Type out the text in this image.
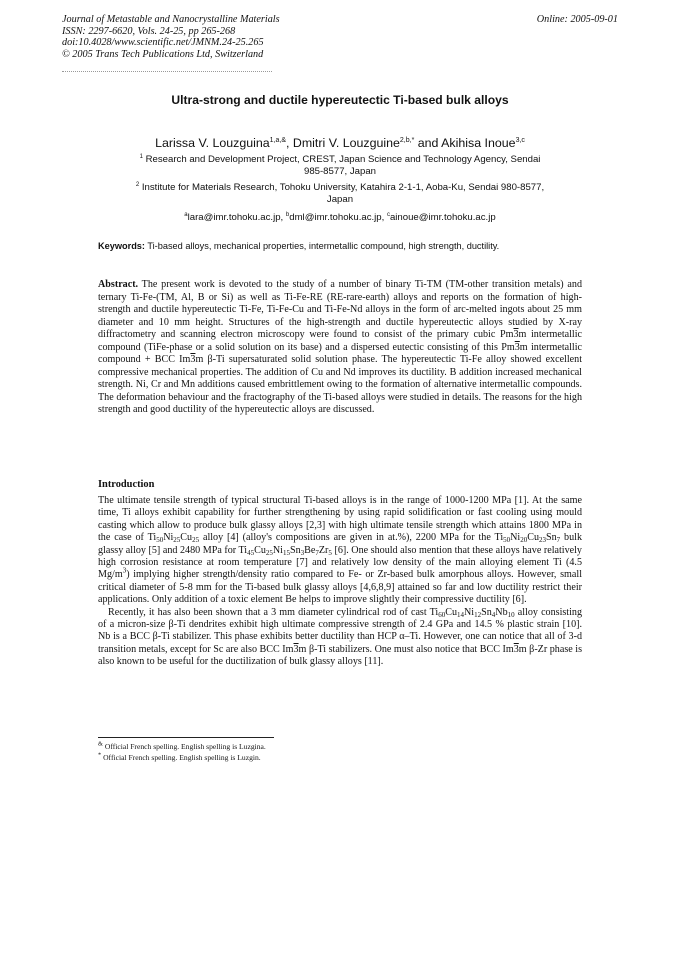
Journal of Metastable and Nanocrystalline Materials
ISSN: 2297-6620, Vols. 24-25, pp 265-268
doi:10.4028/www.scientific.net/JMNM.24-25.265
© 2005 Trans Tech Publications Ltd, Switzerland
Online: 2005-09-01
Ultra-strong and ductile hypereutectic Ti-based bulk alloys
Larissa V. Louzguina$^{1,a,\&}$, Dmitri V. Louzguine$^{2,b,*}$ and Akihisa Inoue$^{3,c}$
$^1$ Research and Development Project, CREST, Japan Science and Technology Agency, Sendai
985-8577, Japan
$^2$ Institute for Materials Research, Tohoku University, Katahira 2-1-1, Aoba-Ku, Sendai 980-8577,
Japan
$^a$lara@imr.tohoku.ac.jp, $^b$dml@imr.tohoku.ac.jp, $^c$ainoue@imr.tohoku.ac.jp
Keywords: Ti-based alloys, mechanical properties, intermetallic compound, high strength, ductility.

Abstract. The present work is devoted to the study of a number of binary Ti-TM (TM-other transition metals) and ternary Ti-Fe-(TM, Al, B or Si) as well as Ti-Fe-RE (RE-rare-earth) alloys and reports on the formation of high-strength and ductile hypereutectic Ti-Fe, Ti-Fe-Cu and Ti-Fe-Nd alloys in the form of arc-melted ingots about 25 mm diameter and 10 mm height. Structures of the high-strength and ductile hypereutectic alloys studied by X-ray diffractometry and scanning electron microscopy were found to consist of the primary cubic Pm3m intermetallic compound (TiFe-phase or a solid solution on its base) and a dispersed eutectic consisting of this Pm3m intermetallic compound + BCC Im3m β-Ti supersaturated solid solution phase. The hypereutectic Ti-Fe alloy showed excellent compressive mechanical properties. The addition of Cu and Nd improves its ductility. B addition increased mechanical strength. Ni, Cr and Mn additions caused embrittlement owing to the formation of alternative intermetallic compounds. The deformation behaviour and the fractography of the Ti-based alloys were studied in details. The reasons for the high strength and good ductility of the hypereutectic alloys are discussed.

Introduction

The ultimate tensile strength of typical structural Ti-based alloys is in the range of 1000-1200 MPa [1]. At the same time, Ti alloys exhibit capability for further strengthening by using rapid solidification or fast cooling using mould casting which allow to produce bulk glassy alloys [2,3] with high ultimate tensile strength which attains 1800 MPa in the case of $Ti_{50}Ni_{25}Cu_{25}$ alloy [4] (alloy's compositions are given in at.%), 2200 MPa for the $Ti_{50}Ni_{20}Cu_{23}Sn_7$ bulk glassy alloy [5] and 2480 MPa for $Ti_{45}Cu_{25}Ni_{15}Sn_3Be_7Zr_5$ [6]. One should also mention that these alloys have relatively high corrosion resistance at room temperature [7] and relatively low density of the main alloying element Ti (4.5 $Mg/m^3$) implying higher strength/density ratio compared to Fe- or Zr-based bulk amorphous alloys. However, small critical diameter of 5-8 mm for the Ti-based bulk glassy alloys [4,6,8,9] attained so far and low ductility restrict their applications. Only addition of a toxic element Be helps to improve slightly their compressive ductility [6].

Recently, it has also been shown that a 3 mm diameter cylindrical rod of cast $Ti_{60}Cu_{14}Ni_{12}Sn_4Nb_{10}$ alloy consisting of a micron-size β-Ti dendrites exhibit high ultimate compressive strength of 2.4 GPa and 14.5 % plastic strain [10]. Nb is a BCC β-Ti stabilizer. This phase exhibits better ductility than HCP α–Ti. However, one can notice that all of 3-d transition metals, except for Sc are also BCC Im3m β-Ti stabilizers. One must also notice that BCC Im3m β-Zr phase is also known to be useful for the ductilization of bulk glassy alloys [11].

& Official French spelling. English spelling is Luzgina.
* Official French spelling. English spelling is Luzgin.
